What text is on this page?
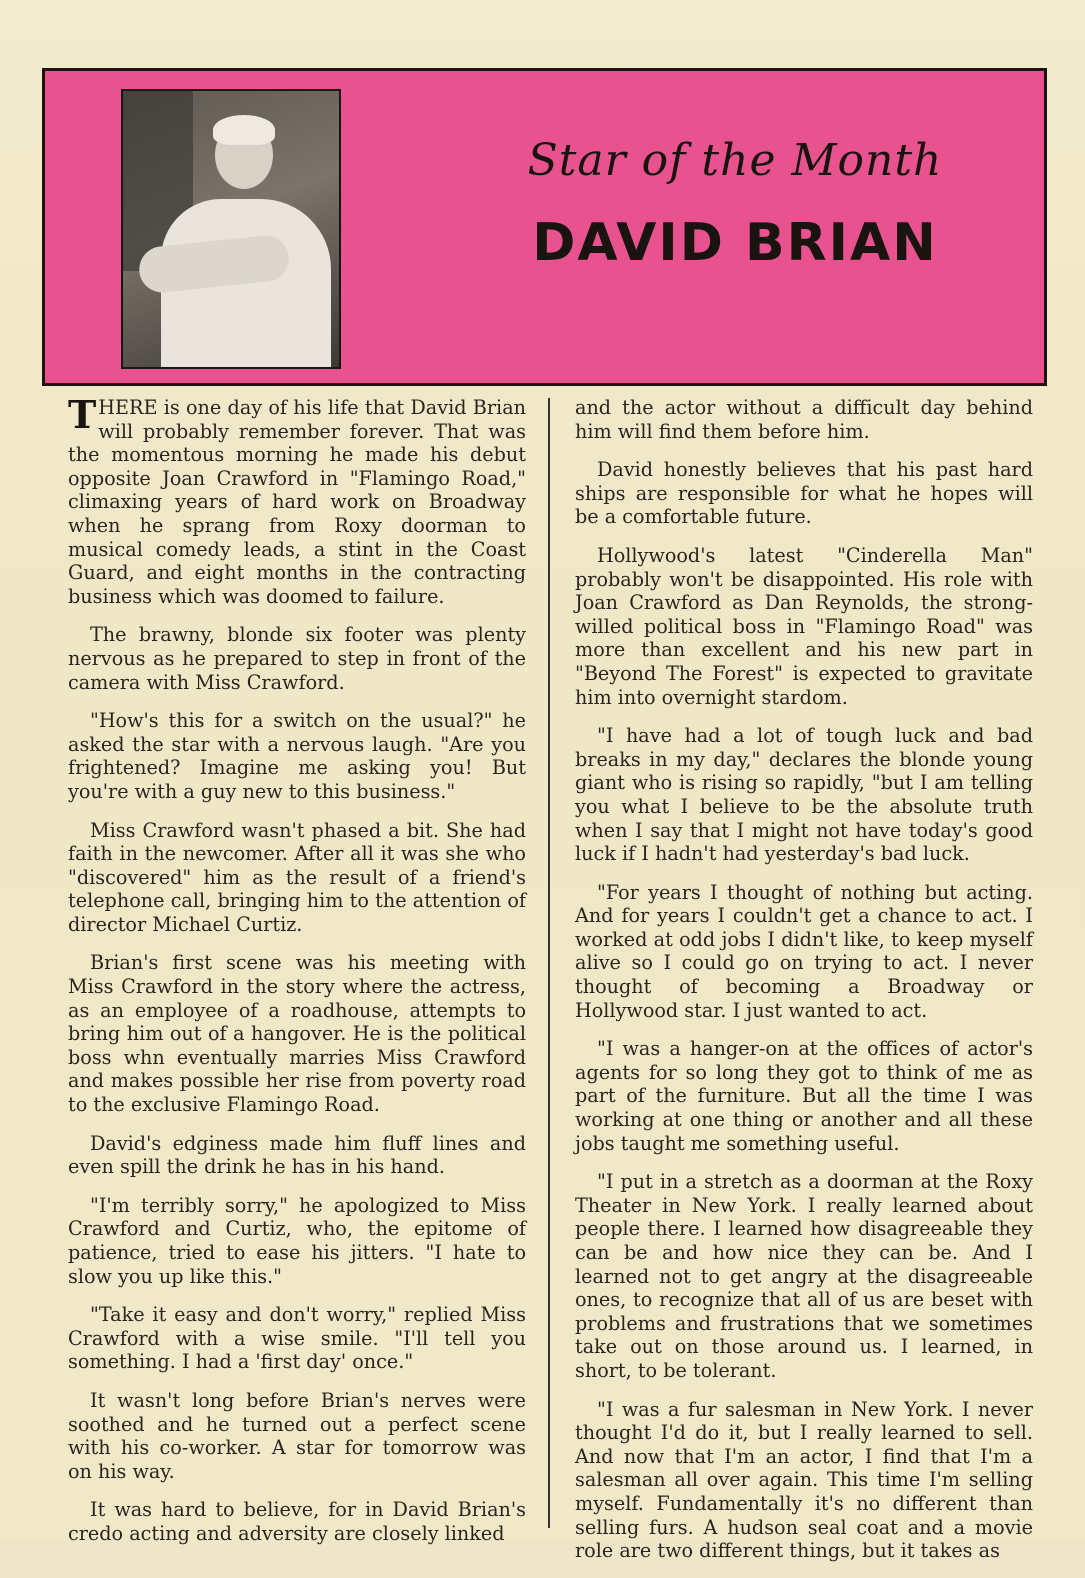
Star of the Month
DAVID BRIAN

THERE is one day of his life that David Brian will probably remember forever. That was the momentous morning he made his debut opposite Joan Crawford in "Flamingo Road," climaxing years of hard work on Broadway when he sprang from Roxy doorman to musical comedy leads, a stint in the Coast Guard, and eight months in the contracting business which was doomed to failure.

The brawny, blonde six footer was plenty nervous as he prepared to step in front of the camera with Miss Crawford.

"How's this for a switch on the usual?" he asked the star with a nervous laugh. "Are you frightened? Imagine me asking you! But you're with a guy new to this business."

Miss Crawford wasn't phased a bit. She had faith in the newcomer. After all it was she who "discovered" him as the result of a friend's telephone call, bringing him to the attention of director Michael Curtiz.

Brian's first scene was his meeting with Miss Crawford in the story where the actress, as an employee of a roadhouse, attempts to bring him out of a hangover. He is the political boss whn eventually marries Miss Crawford and makes possible her rise from poverty road to the exclusive Flamingo Road.

David's edginess made him fluff lines and even spill the drink he has in his hand.

"I'm terribly sorry," he apologized to Miss Crawford and Curtiz, who, the epitome of patience, tried to ease his jitters. "I hate to slow you up like this."

"Take it easy and don't worry," replied Miss Crawford with a wise smile. "I'll tell you something. I had a 'first day' once."

It wasn't long before Brian's nerves were soothed and he turned out a perfect scene with his co-worker. A star for tomorrow was on his way.

It was hard to believe, for in David Brian's credo acting and adversity are closely linked

and the actor without a difficult day behind him will find them before him.

David honestly believes that his past hard ships are responsible for what he hopes will be a comfortable future.

Hollywood's latest "Cinderella Man" probably won't be disappointed. His role with Joan Crawford as Dan Reynolds, the strong-willed political boss in "Flamingo Road" was more than excellent and his new part in "Beyond The Forest" is expected to gravitate him into overnight stardom.

"I have had a lot of tough luck and bad breaks in my day," declares the blonde young giant who is rising so rapidly, "but I am telling you what I believe to be the absolute truth when I say that I might not have today's good luck if I hadn't had yesterday's bad luck.

"For years I thought of nothing but acting. And for years I couldn't get a chance to act. I worked at odd jobs I didn't like, to keep myself alive so I could go on trying to act. I never thought of becoming a Broadway or Hollywood star. I just wanted to act.

"I was a hanger-on at the offices of actor's agents for so long they got to think of me as part of the furniture. But all the time I was working at one thing or another and all these jobs taught me something useful.

"I put in a stretch as a doorman at the Roxy Theater in New York. I really learned about people there. I learned how disagreeable they can be and how nice they can be. And I learned not to get angry at the disagreeable ones, to recognize that all of us are beset with problems and frustrations that we sometimes take out on those around us. I learned, in short, to be tolerant.

"I was a fur salesman in New York. I never thought I'd do it, but I really learned to sell. And now that I'm an actor, I find that I'm a salesman all over again. This time I'm selling myself. Fundamentally it's no different than selling furs. A hudson seal coat and a movie role are two different things, but it takes as
